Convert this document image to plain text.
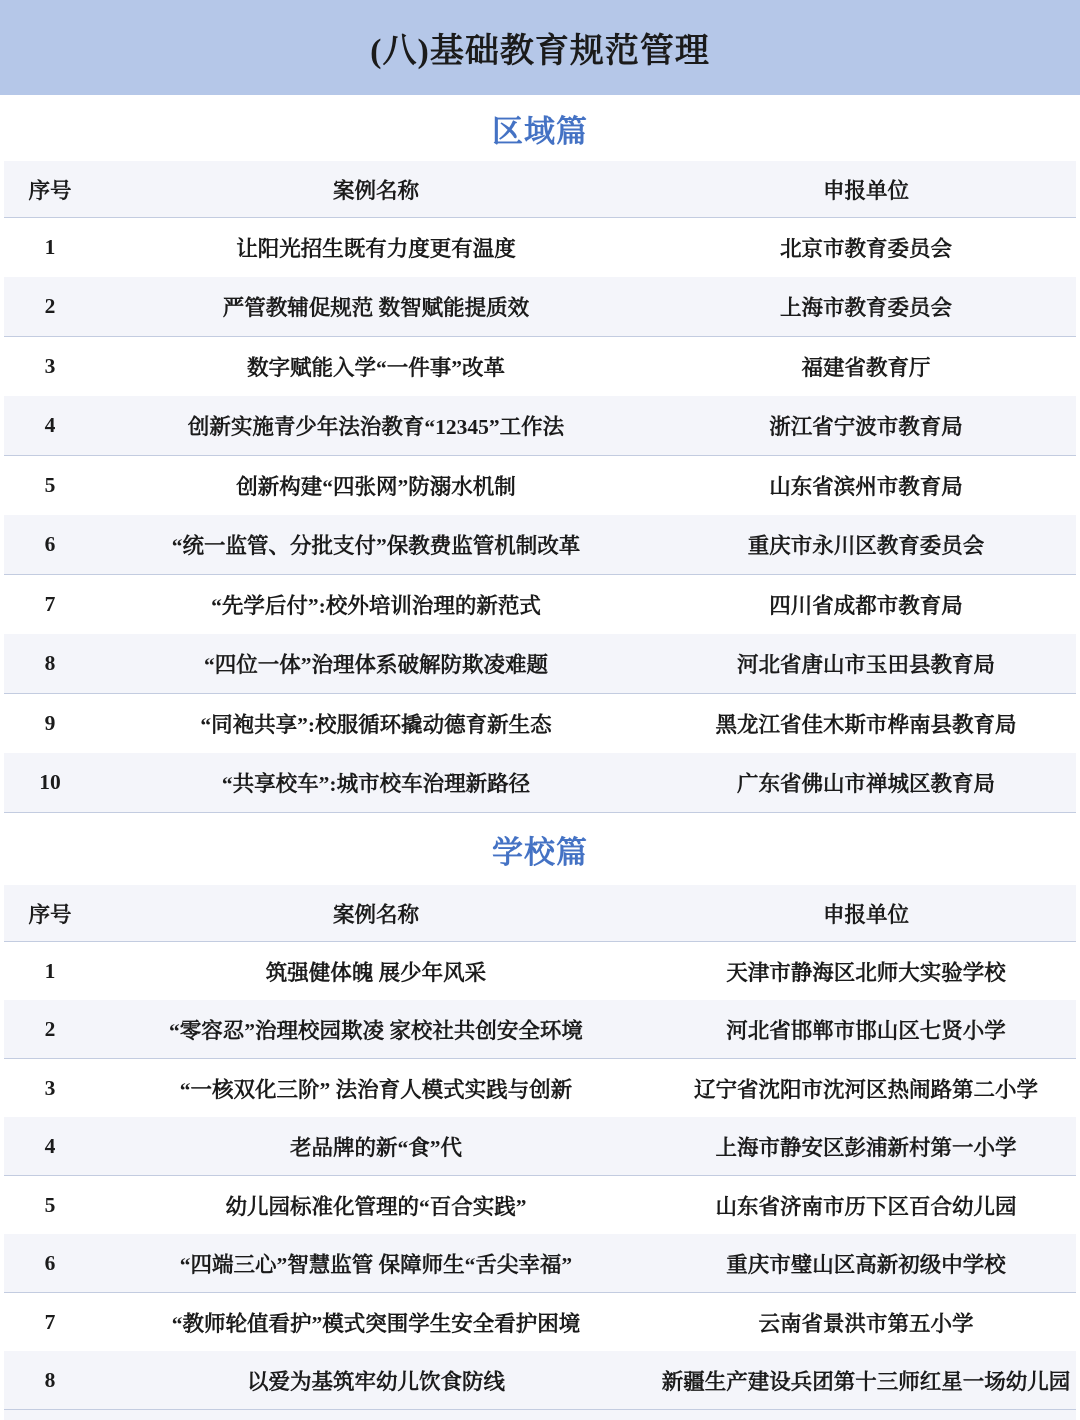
(八)基础教育规范管理
区域篇
序号	案例名称	申报单位
1	让阳光招生既有力度更有温度	北京市教育委员会
2	严管教辅促规范 数智赋能提质效	上海市教育委员会
3	数字赋能入学“一件事”改革	福建省教育厅
4	创新实施青少年法治教育“12345”工作法	浙江省宁波市教育局
5	创新构建“四张网”防溺水机制	山东省滨州市教育局
6	“统一监管、分批支付”保教费监管机制改革	重庆市永川区教育委员会
7	“先学后付”:校外培训治理的新范式	四川省成都市教育局
8	“四位一体”治理体系破解防欺凌难题	河北省唐山市玉田县教育局
9	“同袍共享”:校服循环撬动德育新生态	黑龙江省佳木斯市桦南县教育局
10	“共享校车”:城市校车治理新路径	广东省佛山市禅城区教育局
学校篇
序号	案例名称	申报单位
1	筑强健体魄 展少年风采	天津市静海区北师大实验学校
2	“零容忍”治理校园欺凌 家校社共创安全环境	河北省邯郸市邯山区七贤小学
3	“一核双化三阶” 法治育人模式实践与创新	辽宁省沈阳市沈河区热闹路第二小学
4	老品牌的新“食”代	上海市静安区彭浦新村第一小学
5	幼儿园标准化管理的“百合实践”	山东省济南市历下区百合幼儿园
6	“四端三心”智慧监管 保障师生“舌尖幸福”	重庆市璧山区高新初级中学校
7	“教师轮值看护”模式突围学生安全看护困境	云南省景洪市第五小学
8	以爱为基筑牢幼儿饮食防线	新疆生产建设兵团第十三师红星一场幼儿园
